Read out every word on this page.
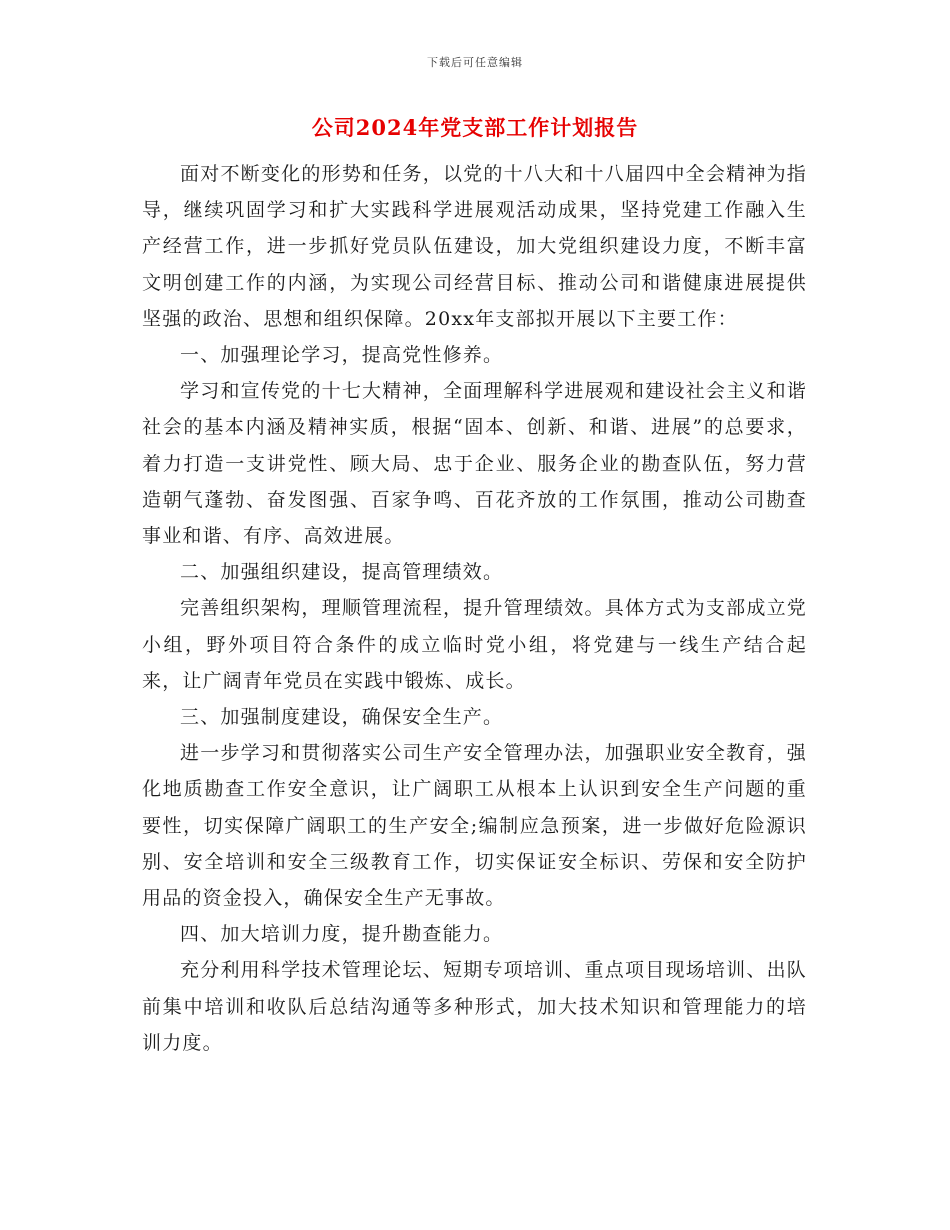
下载后可任意编辑
公司2024年党支部工作计划报告

面对不断变化的形势和任务，以党的十八大和十八届四中全会精神为指导，继续巩固学习和扩大实践科学进展观活动成果，坚持党建工作融入生产经营工作，进一步抓好党员队伍建设，加大党组织建设力度，不断丰富文明创建工作的内涵，为实现公司经营目标、推动公司和谐健康进展提供坚强的政治、思想和组织保障。20xx年支部拟开展以下主要工作：

一、加强理论学习，提高党性修养。

学习和宣传党的十七大精神，全面理解科学进展观和建设社会主义和谐社会的基本内涵及精神实质，根据“固本、创新、和谐、进展”的总要求，着力打造一支讲党性、顾大局、忠于企业、服务企业的勘查队伍，努力营造朝气蓬勃、奋发图强、百家争鸣、百花齐放的工作氛围，推动公司勘查事业和谐、有序、高效进展。

二、加强组织建设，提高管理绩效。

完善组织架构，理顺管理流程，提升管理绩效。具体方式为支部成立党小组，野外项目符合条件的成立临时党小组，将党建与一线生产结合起来，让广阔青年党员在实践中锻炼、成长。

三、加强制度建设，确保安全生产。

进一步学习和贯彻落实公司生产安全管理办法，加强职业安全教育，强化地质勘查工作安全意识，让广阔职工从根本上认识到安全生产问题的重要性，切实保障广阔职工的生产安全;编制应急预案，进一步做好危险源识别、安全培训和安全三级教育工作，切实保证安全标识、劳保和安全防护用品的资金投入，确保安全生产无事故。

四、加大培训力度，提升勘查能力。

充分利用科学技术管理论坛、短期专项培训、重点项目现场培训、出队前集中培训和收队后总结沟通等多种形式，加大技术知识和管理能力的培训力度。
